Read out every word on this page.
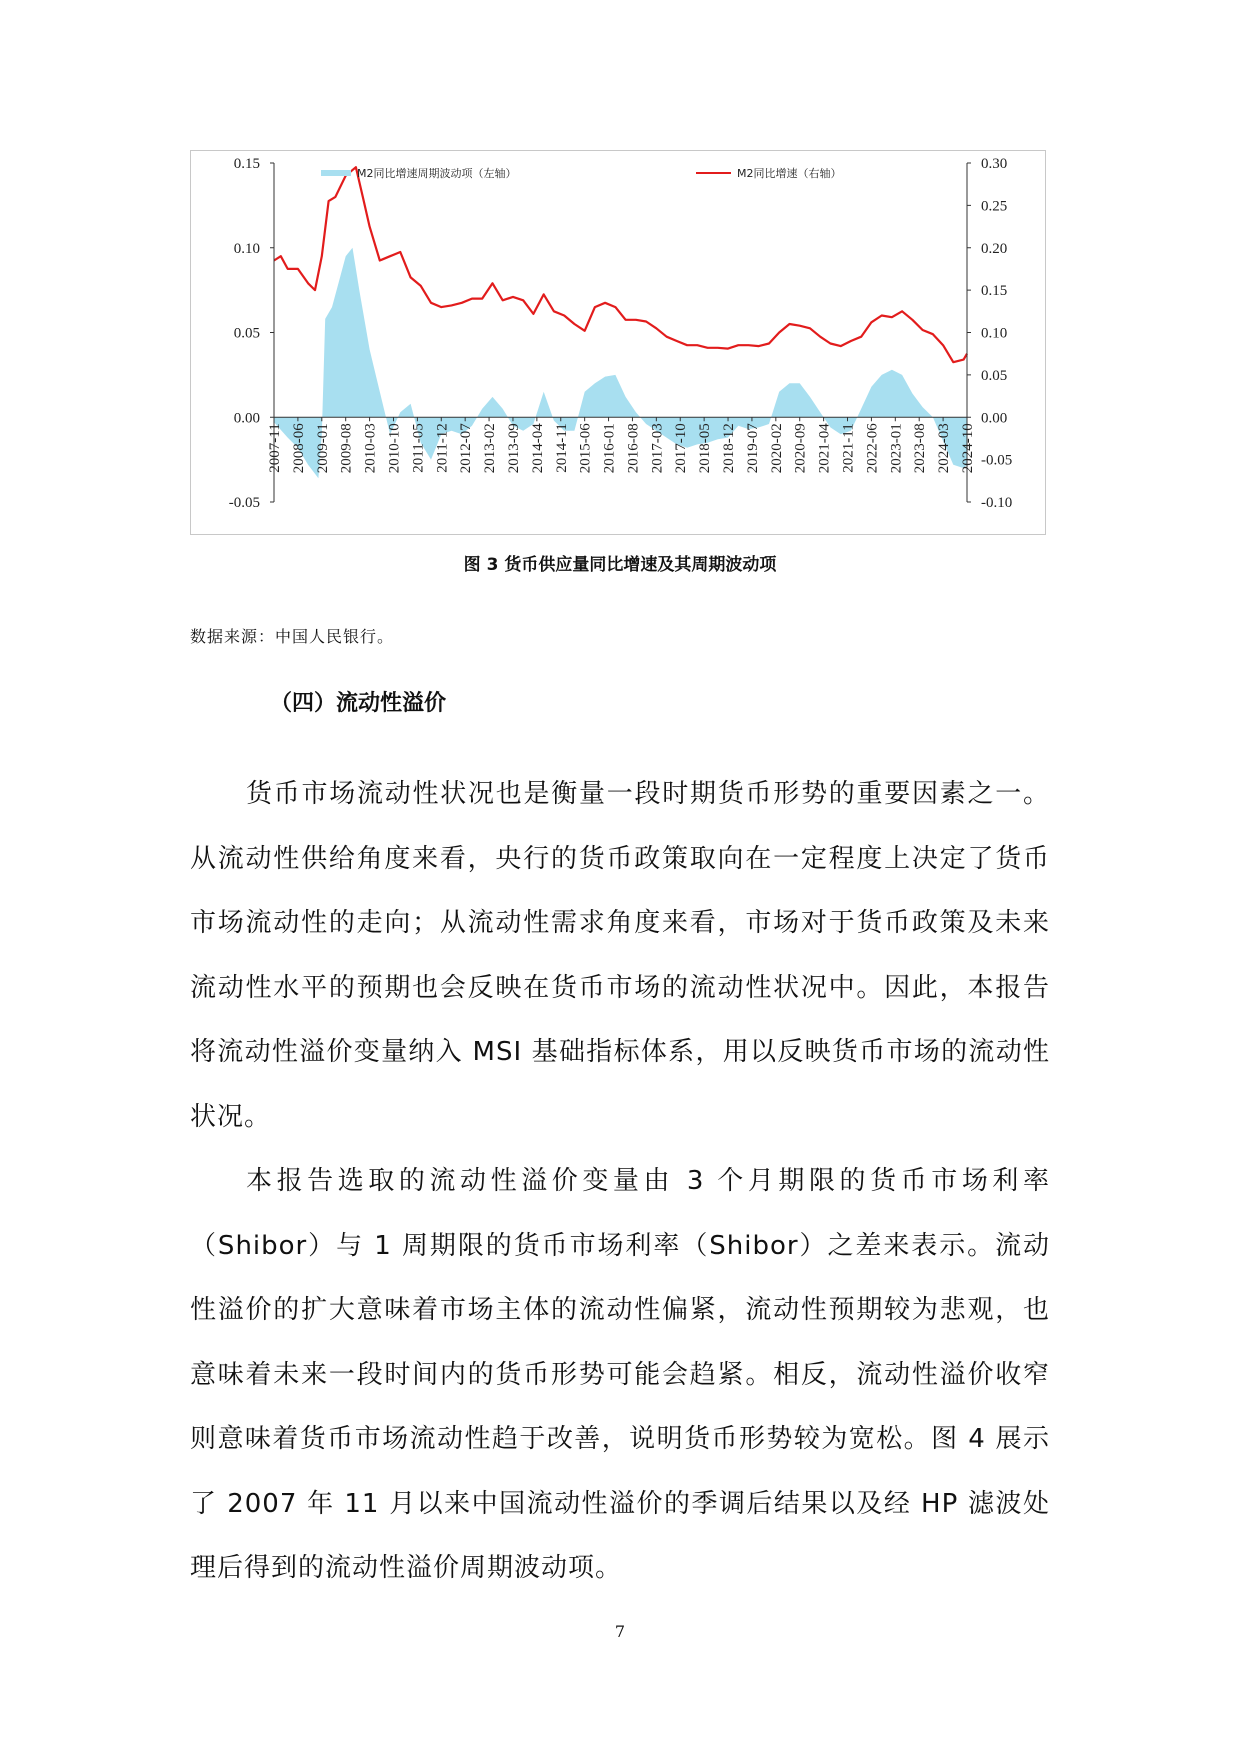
0.15
0.10
0.05
0.00
-0.05
0.30
0.25
0.20
0.15
0.10
0.05
0.00
-0.05
-0.10
2007-11 2008-06 2009-01 2009-08 2010-03 2010-10 2011-05 2011-12 2012-07 2013-02 2013-09 2014-04 2014-11 2015-06 2016-01 2016-08 2017-03 2017-10 2018-05 2018-12 2019-07 2020-02 2020-09 2021-04 2021-11 2022-06 2023-01 2023-08 2024-03 2024-10
M2同比增速周期波动项（左轴）	M2同比增速（右轴）
图 3 货币供应量同比增速及其周期波动项
数据来源：中国人民银行。
（四）流动性溢价
货币市场流动性状况也是衡量一段时期货币形势的重要因素之一。从流动性供给角度来看，央行的货币政策取向在一定程度上决定了货币市场流动性的走向；从流动性需求角度来看，市场对于货币政策及未来流动性水平的预期也会反映在货币市场的流动性状况中。因此，本报告将流动性溢价变量纳入 MSI 基础指标体系，用以反映货币市场的流动性状况。
本报告选取的流动性溢价变量由 3 个月期限的货币市场利率（Shibor）与 1 周期限的货币市场利率（Shibor）之差来表示。流动性溢价的扩大意味着市场主体的流动性偏紧，流动性预期较为悲观，也意味着未来一段时间内的货币形势可能会趋紧。相反，流动性溢价收窄则意味着货币市场流动性趋于改善，说明货币形势较为宽松。图 4 展示了 2007 年 11 月以来中国流动性溢价的季调后结果以及经 HP 滤波处理后得到的流动性溢价周期波动项。
7
